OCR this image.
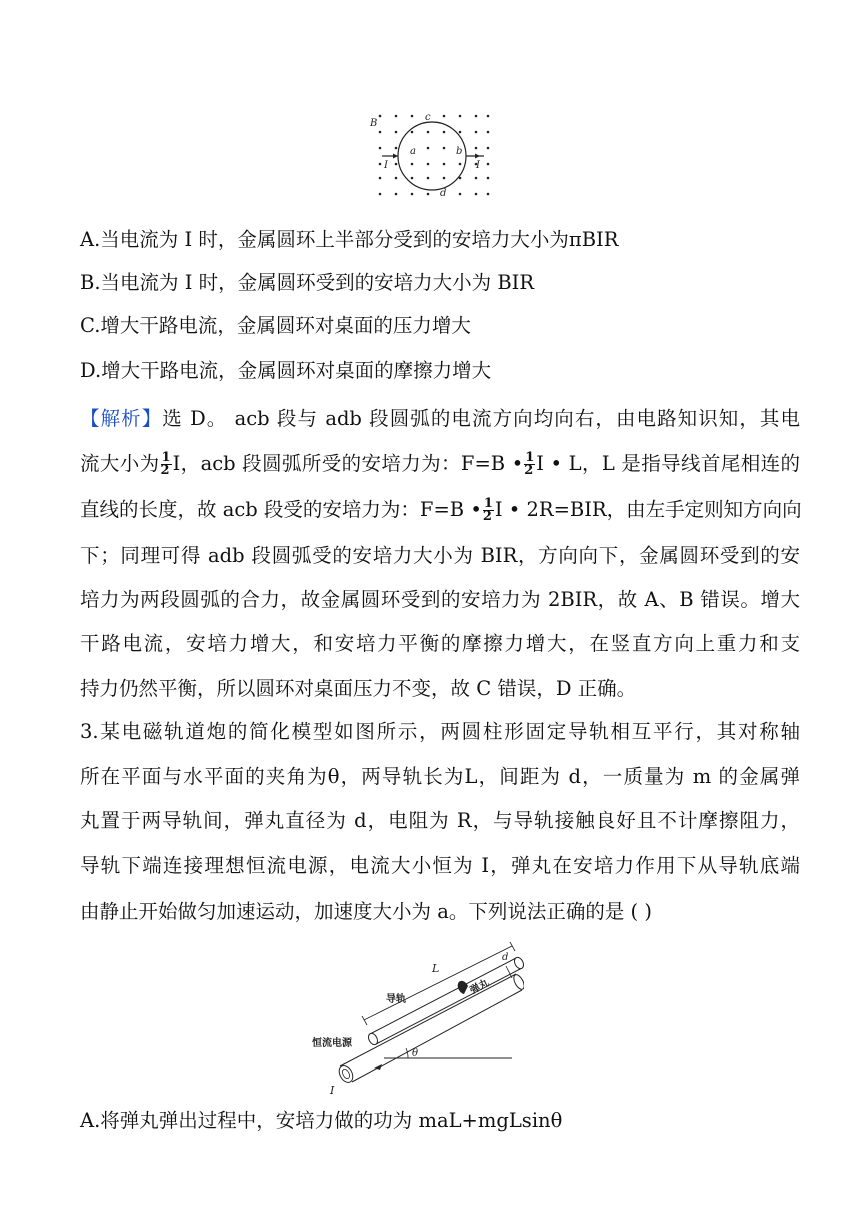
B
c
a	b
d
I	I
A.当电流为 I 时，金属圆环上半部分受到的安培力大小为πBIR
B.当电流为 I 时，金属圆环受到的安培力大小为 BIR
C.增大干路电流，金属圆环对桌面的压力增大
D.增大干路电流，金属圆环对桌面的摩擦力增大
【解析】选 D。 acb 段与 adb 段圆弧的电流方向均向右，由电路知识知，其电
流大小为 $\frac{1}{2}$ I，acb 段圆弧所受的安培力为：F=B • $\frac{1}{2}$ I • L，L 是指导线首尾相连的
直线的长度，故 acb 段受的安培力为：F=B • $\frac{1}{2}$ I • 2R=BIR，由左手定则知方向向
下；同理可得 adb 段圆弧受的安培力大小为 BIR，方向向下，金属圆环受到的安
培力为两段圆弧的合力，故金属圆环受到的安培力为 2BIR，故 A、B 错误。增大
干路电流，安培力增大，和安培力平衡的摩擦力增大，在竖直方向上重力和支
持力仍然平衡，所以圆环对桌面压力不变，故 C 错误，D 正确。
3.某电磁轨道炮的简化模型如图所示，两圆柱形固定导轨相互平行，其对称轴
所在平面与水平面的夹角为θ，两导轨长为L，间距为 d，一质量为 m 的金属弹
丸置于两导轨间，弹丸直径为 d，电阻为 R，与导轨接触良好且不计摩擦阻力，
导轨下端连接理想恒流电源，电流大小恒为 I，弹丸在安培力作用下从导轨底端
由静止开始做匀加速运动，加速度大小为 a。下列说法正确的是 ( )
L
d
导轨
弹丸
恒流电源
θ
I
A.将弹丸弹出过程中，安培力做的功为 maL+mgLsinθ
